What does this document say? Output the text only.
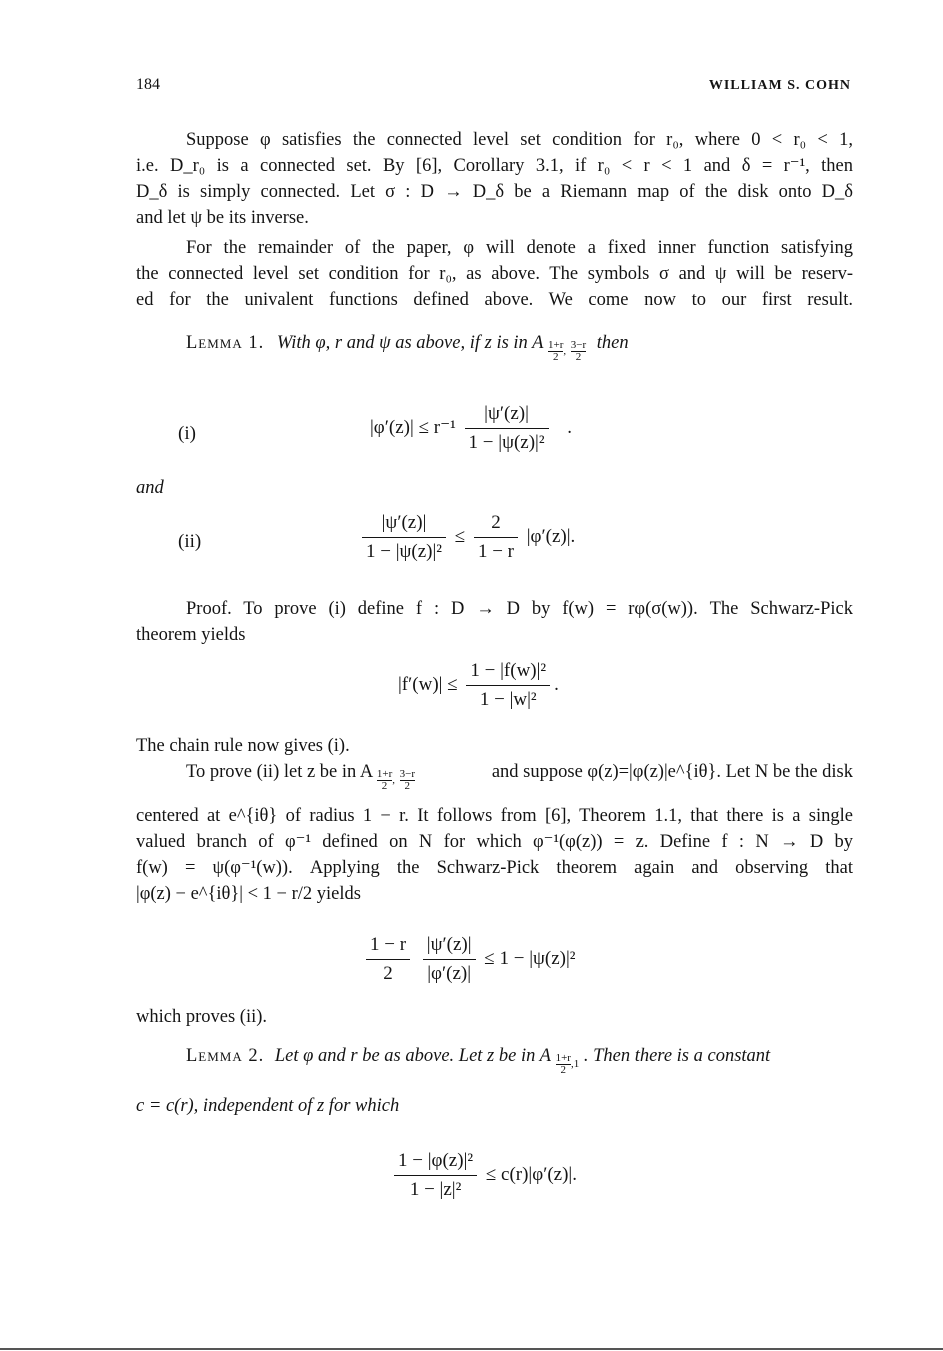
184	WILLIAM S. COHN
Suppose φ satisfies the connected level set condition for r₀, where 0 < r₀ < 1,
i.e. D_r₀ is a connected set. By [6], Corollary 3.1, if r₀ < r < 1 and δ = r⁻¹, then
D_δ is simply connected. Let σ : D → D_δ be a Riemann map of the disk onto D_δ
and let ψ be its inverse.
For the remainder of the paper, φ will denote a fixed inner function satisfying
the connected level set condition for r₀, as above. The symbols σ and ψ will be reserv-
ed for the univalent functions defined above. We come now to our first result.
Lemma 1. With φ, r and ψ as above, if z is in A $\frac{1+r}{2} _, \frac{3-r}{2}$ then
(i)	$|\varphi'(z)| \le r^{-1} \frac{|\psi'(z)|}{\text{1 − |ψ(z)|²}}$ .
and
(ii)	$\frac{|\psi'(z)|}{\text{1 − |ψ(z)|²}} \le \frac{2}{1 - r} |\varphi'(z)|$.
Proof. To prove (i) define f : D → D by f(w) = rφ(σ(w)). The Schwarz-Pick
theorem yields
$|f'(w)| \le \frac{\text{1 − |f(w)|²}}{\text{1 − |w|²}}$ .
The chain rule now gives (i).
To prove (ii) let z be in A $\frac{1+r}{2} _, \frac{3-r}{2}$	and suppose φ(z)=|φ(z)|e^{iθ}. Let N be the disk
centered at e^{iθ} of radius 1 − r. It follows from [6], Theorem 1.1, that there is a single
valued branch of φ⁻¹ defined on N for which φ⁻¹(φ(z)) = z. Define f : N → D by
f(w) = ψ(φ⁻¹(w)). Applying the Schwarz-Pick theorem again and observing that
|φ(z) − e^{iθ}| < 1 − r/2 yields
$\frac{1 - r}{2}$
$\frac{|\psi'(z)|}{|\varphi'(z)|} \le 1 - |\psi(z)|^2$
which proves (ii).
Lemma 2. Let φ and r be as above. Let z be in A $\frac{1+r}{2} _{,1}$ . Then there is a constant
c = c(r), independent of z for which
$\frac{\text{1 − |φ(z)|²}}{\text{1 − |z|²}} \le c(r)|\varphi'(z)|$.
